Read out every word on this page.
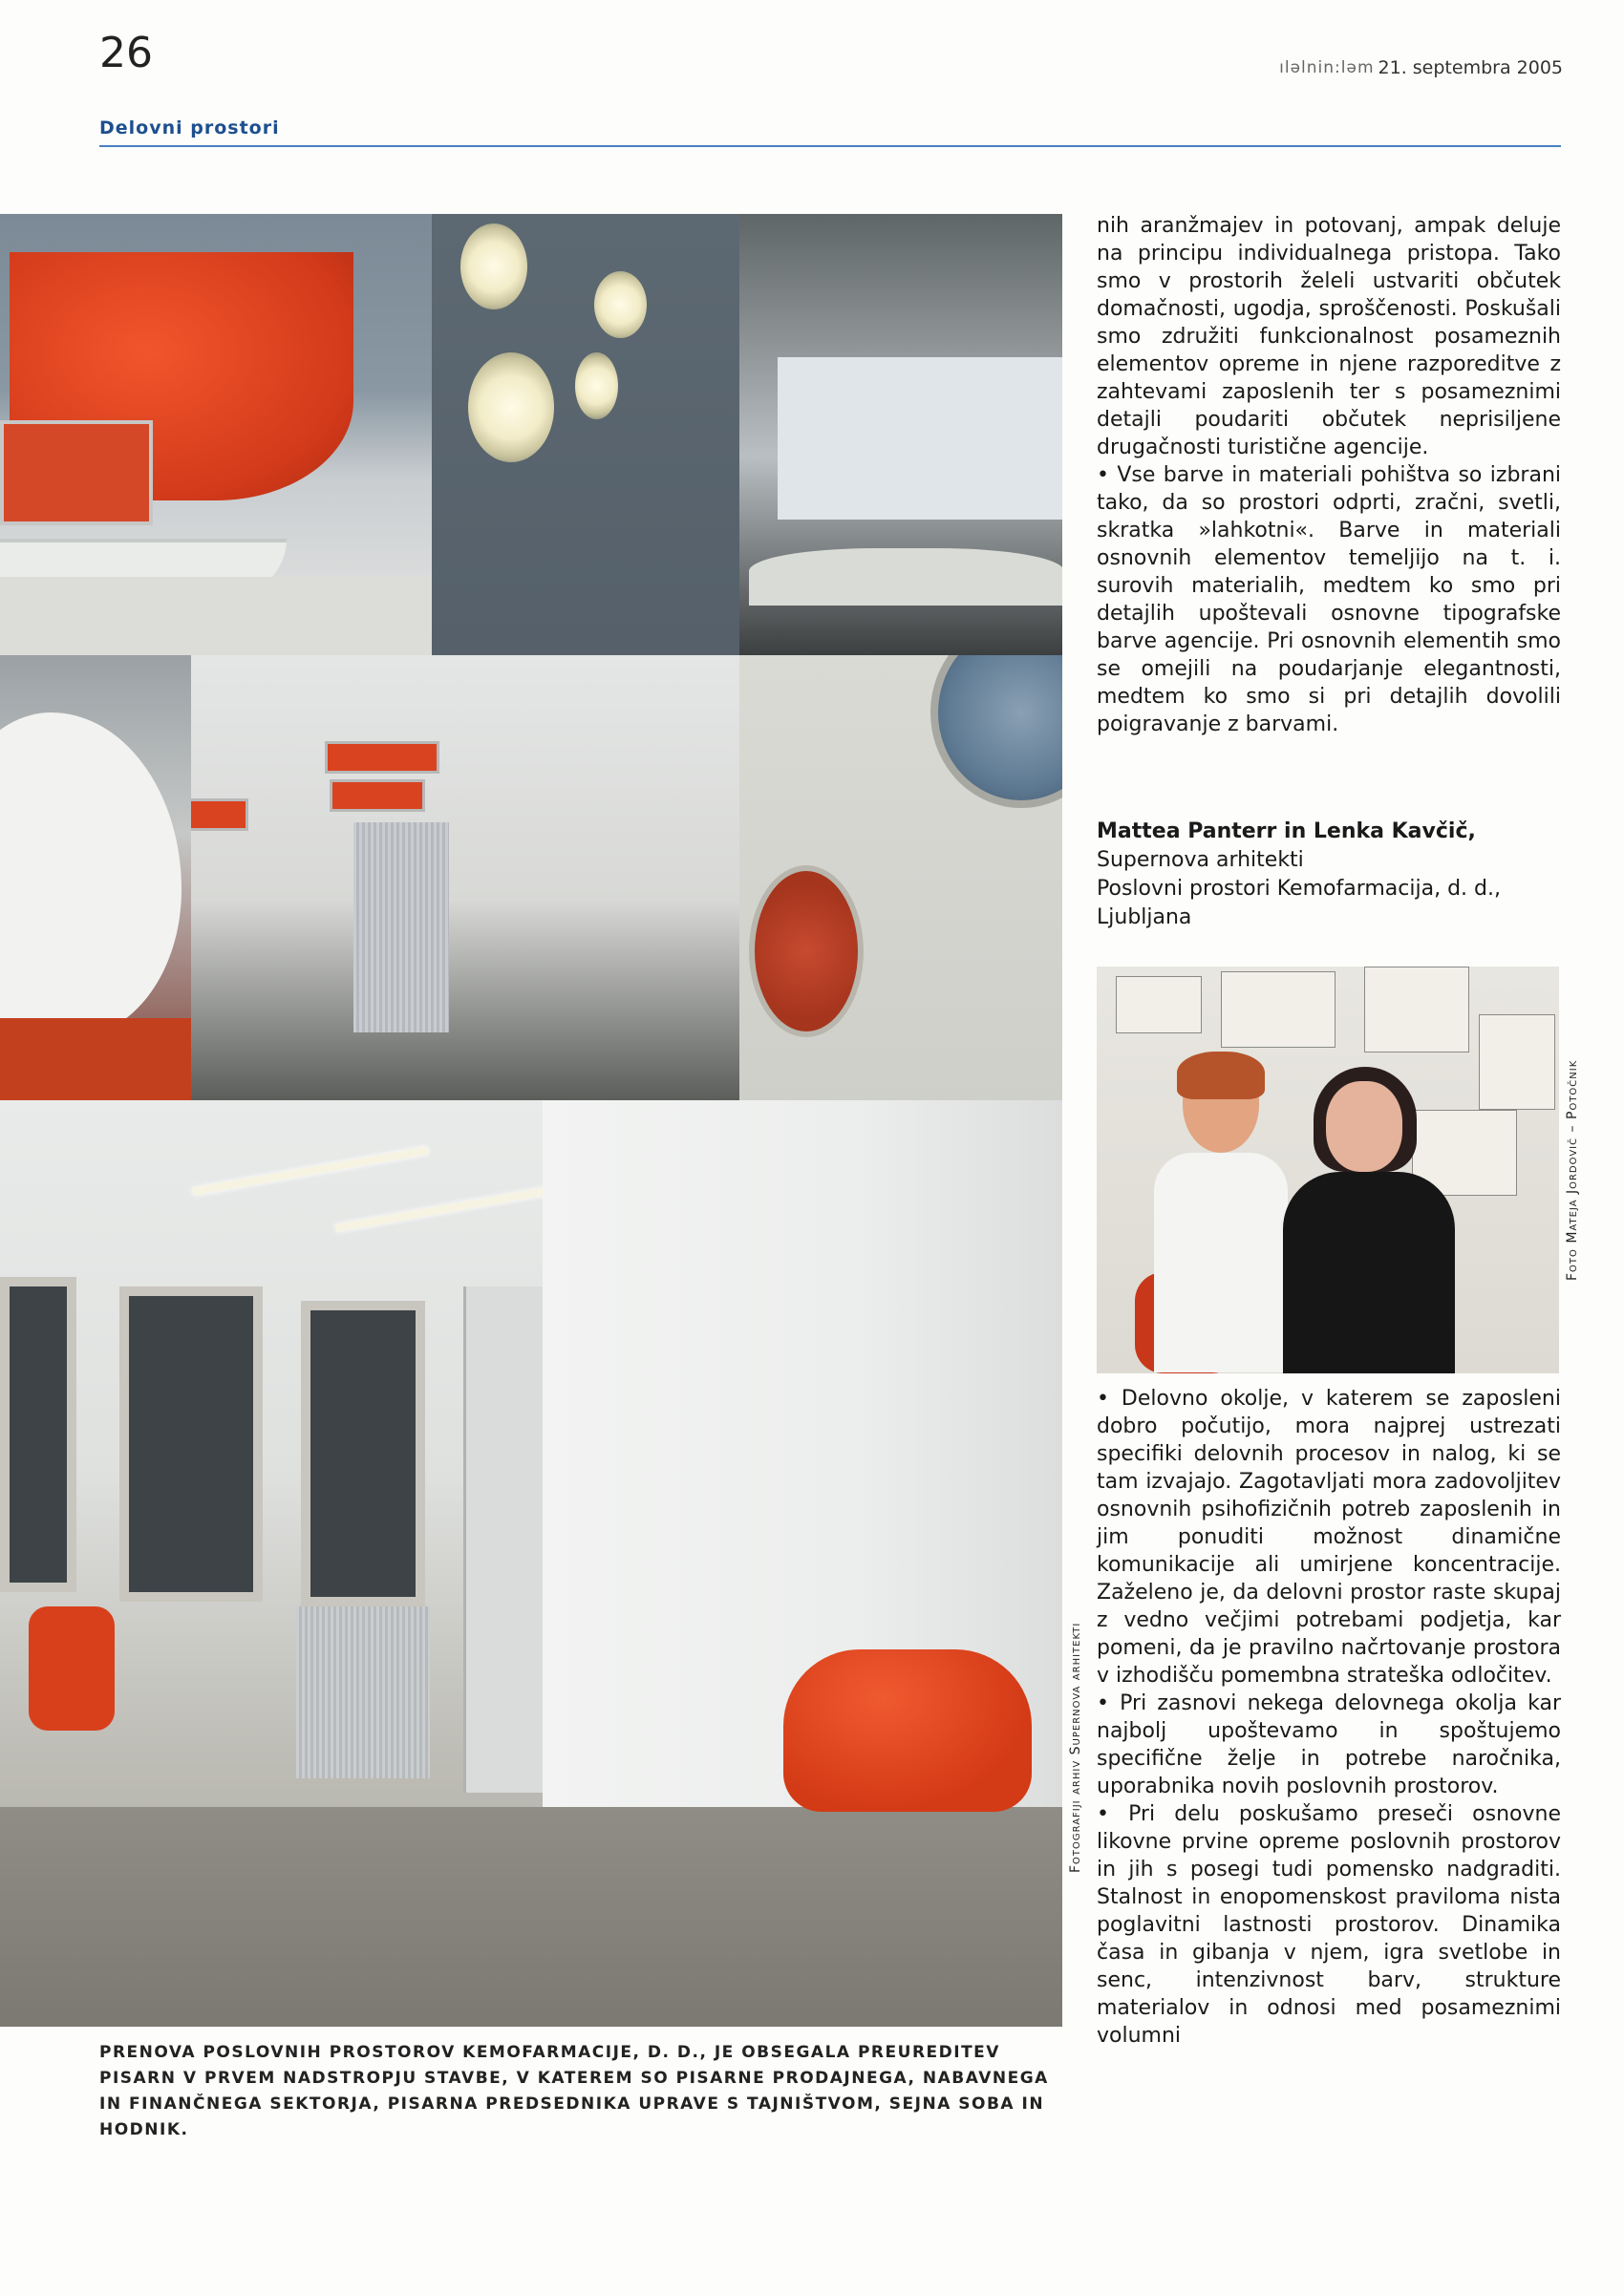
26	ıləlnin:ləm 21. septembra 2005
Delovni prostori
Fotografiji arhiv Supernova arhitekti
PRENOVA POSLOVNIH PROSTOROV KEMOFARMACIJE, D. D., JE OBSEGALA PREUREDITEV PISARN V PRVEM NADSTROPJU STAVBE, V KATEREM SO PISARNE PRODAJNEGA, NABAVNEGA IN FINANČNEGA SEKTORJA, PISARNA PREDSEDNIKA UPRAVE S TAJNIŠTVOM, SEJNA SOBA IN HODNIK.

nih aranžmajev in potovanj, ampak deluje na principu individualnega pristopa. Tako smo v prostorih želeli ustvariti občutek domačnosti, ugodja, sproščenosti. Poskušali smo združiti funkcionalnost posameznih elementov opreme in njene razporeditve z zahtevami zaposlenih ter s posameznimi detajli poudariti občutek neprisiljene drugačnosti turistične agencije.

• Vse barve in materiali pohištva so izbrani tako, da so prostori odprti, zračni, svetli, skratka »lahkotni«. Barve in materiali osnovnih elementov temeljijo na t. i. surovih materialih, medtem ko smo pri detajlih upoštevali osnovne tipografske barve agencije. Pri osnovnih elementih smo se omejili na poudarjanje elegantnosti, medtem ko smo si pri detajlih dovolili poigravanje z barvami.

Mattea Panterr in Lenka Kavčič,
Supernova arhitekti
Poslovni prostori Kemofarmacija, d. d.,
Ljubljana
Foto Mateja Jordovič – Potočnik

• Delovno okolje, v katerem se zaposleni dobro počutijo, mora najprej ustrezati specifiki delovnih procesov in nalog, ki se tam izvajajo. Zagotavljati mora zadovoljitev osnovnih psihofizičnih potreb zaposlenih in jim ponuditi možnost dinamične komunikacije ali umirjene koncentracije. Zaželeno je, da delovni prostor raste skupaj z vedno večjimi potrebami podjetja, kar pomeni, da je pravilno načrtovanje prostora v izhodišču pomembna strateška odločitev.

• Pri zasnovi nekega delovnega okolja kar najbolj upoštevamo in spoštujemo specifične želje in potrebe naročnika, uporabnika novih poslovnih prostorov.

• Pri delu poskušamo preseči osnovne likovne prvine opreme poslovnih prostorov in jih s posegi tudi pomensko nadgraditi. Stalnost in enopomenskost praviloma nista poglavitni lastnosti prostorov. Dinamika časa in gibanja v njem, igra svetlobe in senc, intenzivnost barv, strukture materialov in odnosi med posameznimi volumni
